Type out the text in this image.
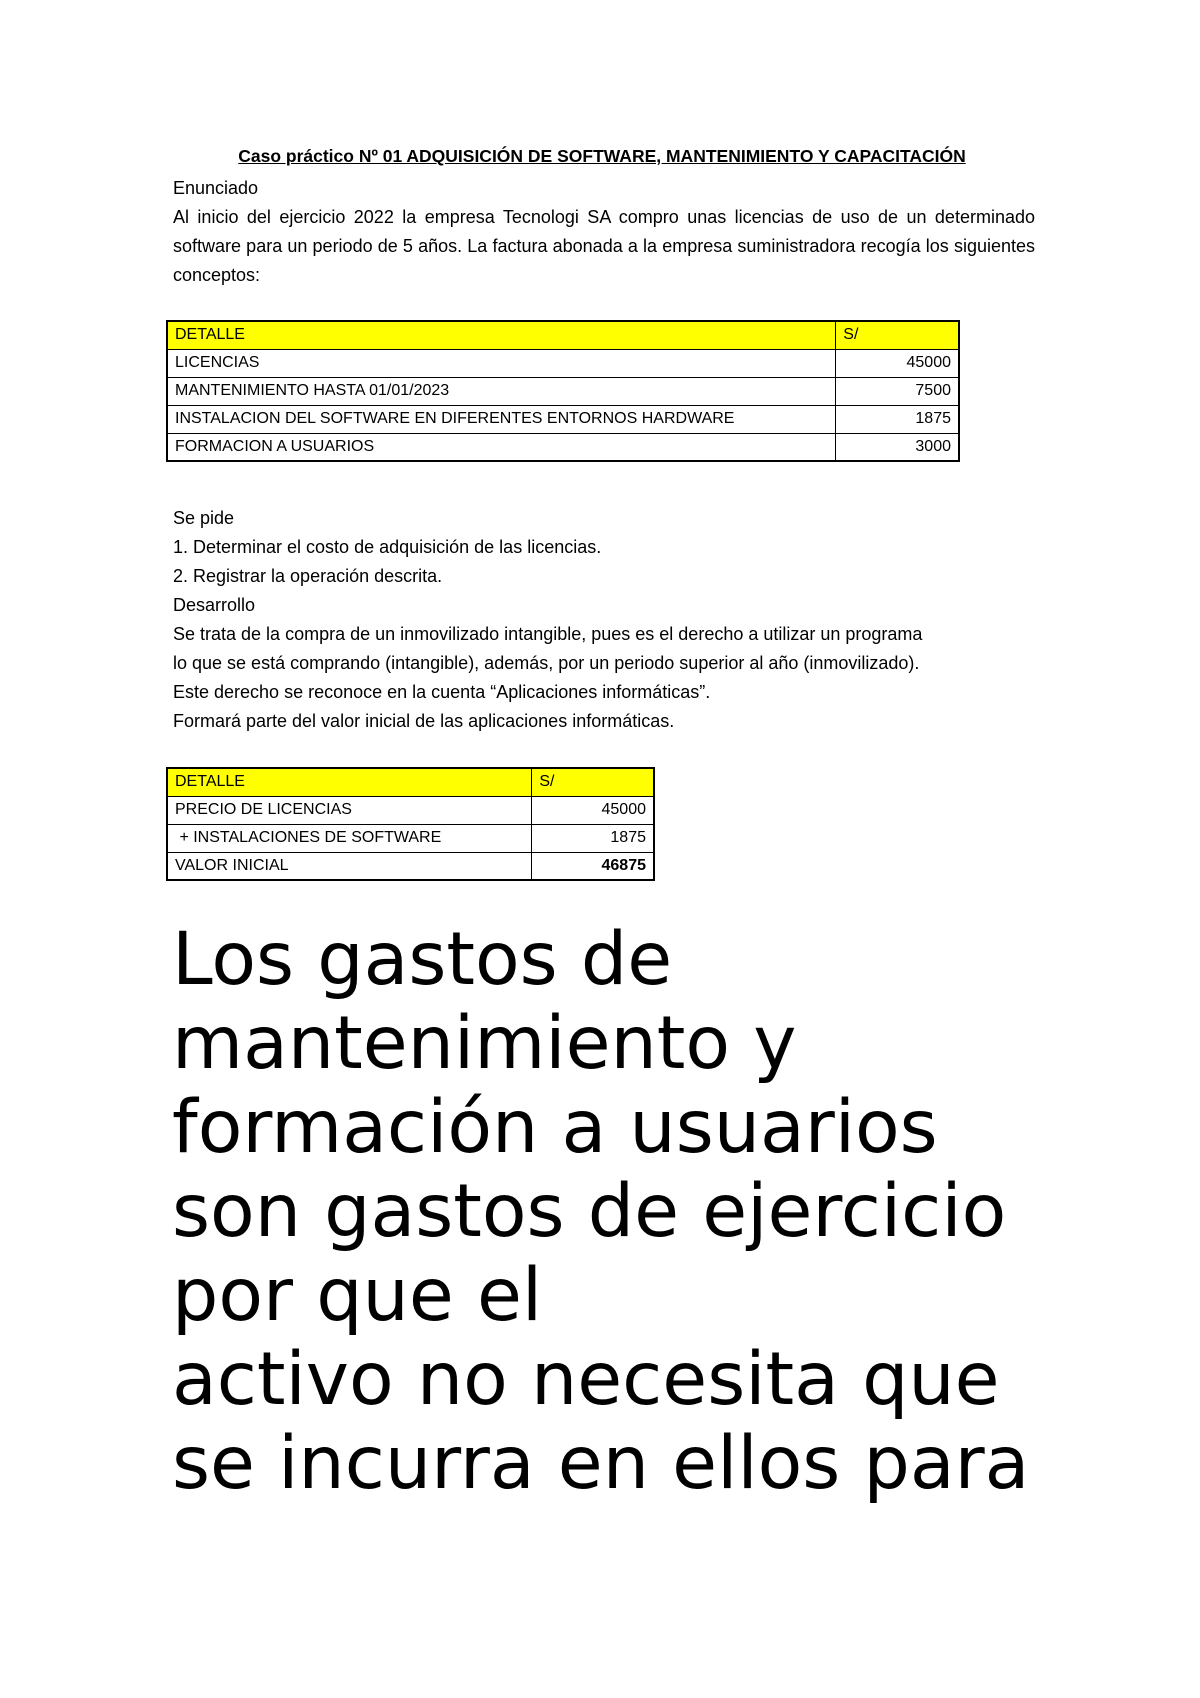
Caso práctico Nº 01 ADQUISICIÓN DE SOFTWARE, MANTENIMIENTO Y CAPACITACIÓN
Enunciado
Al inicio del ejercicio 2022 la empresa Tecnologi SA compro unas licencias de uso de un determinado software para un periodo de 5 años. La factura abonada a la empresa suministradora recogía los siguientes conceptos:
DETALLE	S/
LICENCIAS	45000
MANTENIMIENTO HASTA 01/01/2023	7500
INSTALACION DEL SOFTWARE EN DIFERENTES ENTORNOS HARDWARE	1875
FORMACION A USUARIOS	3000
Se pide
1. Determinar el costo de adquisición de las licencias.
2. Registrar la operación descrita.
Desarrollo
Se trata de la compra de un inmovilizado intangible, pues es el derecho a utilizar un programa
lo que se está comprando (intangible), además, por un periodo superior al año (inmovilizado).
Este derecho se reconoce en la cuenta “Aplicaciones informáticas”.
Formará parte del valor inicial de las aplicaciones informáticas.
DETALLE	S/
PRECIO DE LICENCIAS	45000
+ INSTALACIONES DE SOFTWARE	1875
VALOR INICIAL	46875
Los gastos de
mantenimiento y
formación a usuarios
son gastos de ejercicio
por que el
activo no necesita que
se incurra en ellos para
